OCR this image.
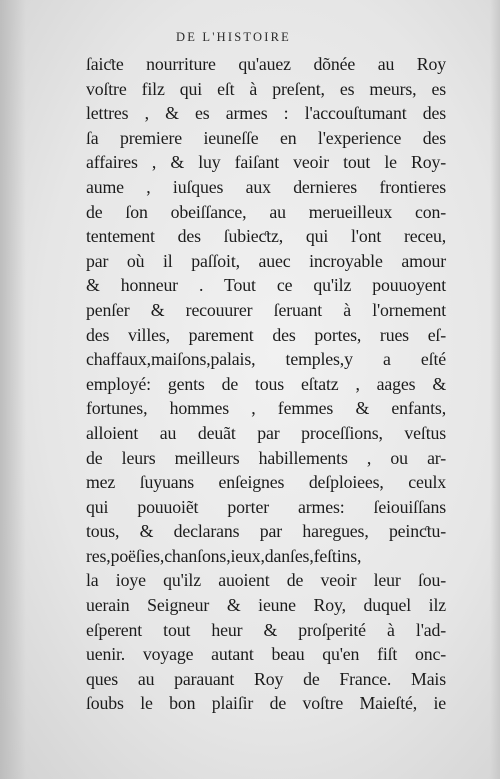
DE L'HISTOIRE
ſaiƈte nourriture qu'auez dõnée au Roy
voſtre filz qui eſt à preſent, es meurs, es
lettres , & es armes : l'accouſtumant des
ſa premiere ieuneſſe en l'experience des
affaires , & luy faiſant veoir tout le Roy-
aume , iuſques aux dernieres frontieres
de ſon obeiſſance, au merueilleux con-
tentement des ſubieƈtz, qui l'ont receu,
par où il paſſoit, auec incroyable amour
& honneur . Tout ce qu'ilz pouuoyent
penſer & recouurer ſeruant à l'ornement
des villes, parement des portes, rues eſ-
chaffaux,maiſons,palais, temples,y a eſté
employé: gents de tous eſtatz , aages &
fortunes, hommes , femmes & enfants,
alloient au deuãt par proceſſions, veſtus
de leurs meilleurs habillements , ou ar-
mez ſuyuans enſeignes deſploiees, ceulx
qui pouuoiẽt porter armes: ſeiouiſſans
tous, & declarans par haregues, peinƈtu-
res,poëſies,chanſons,ieux,danſes,feſtins,
la ioye qu'ilz auoient de veoir leur ſou-
uerain Seigneur & ieune Roy, duquel ilz
eſperent tout heur & proſperité à l'ad-
uenir. voyage autant beau qu'en fiſt onc-
ques au parauant Roy de France. Mais
ſoubs le bon plaiſir de voſtre Maieſté, ie
